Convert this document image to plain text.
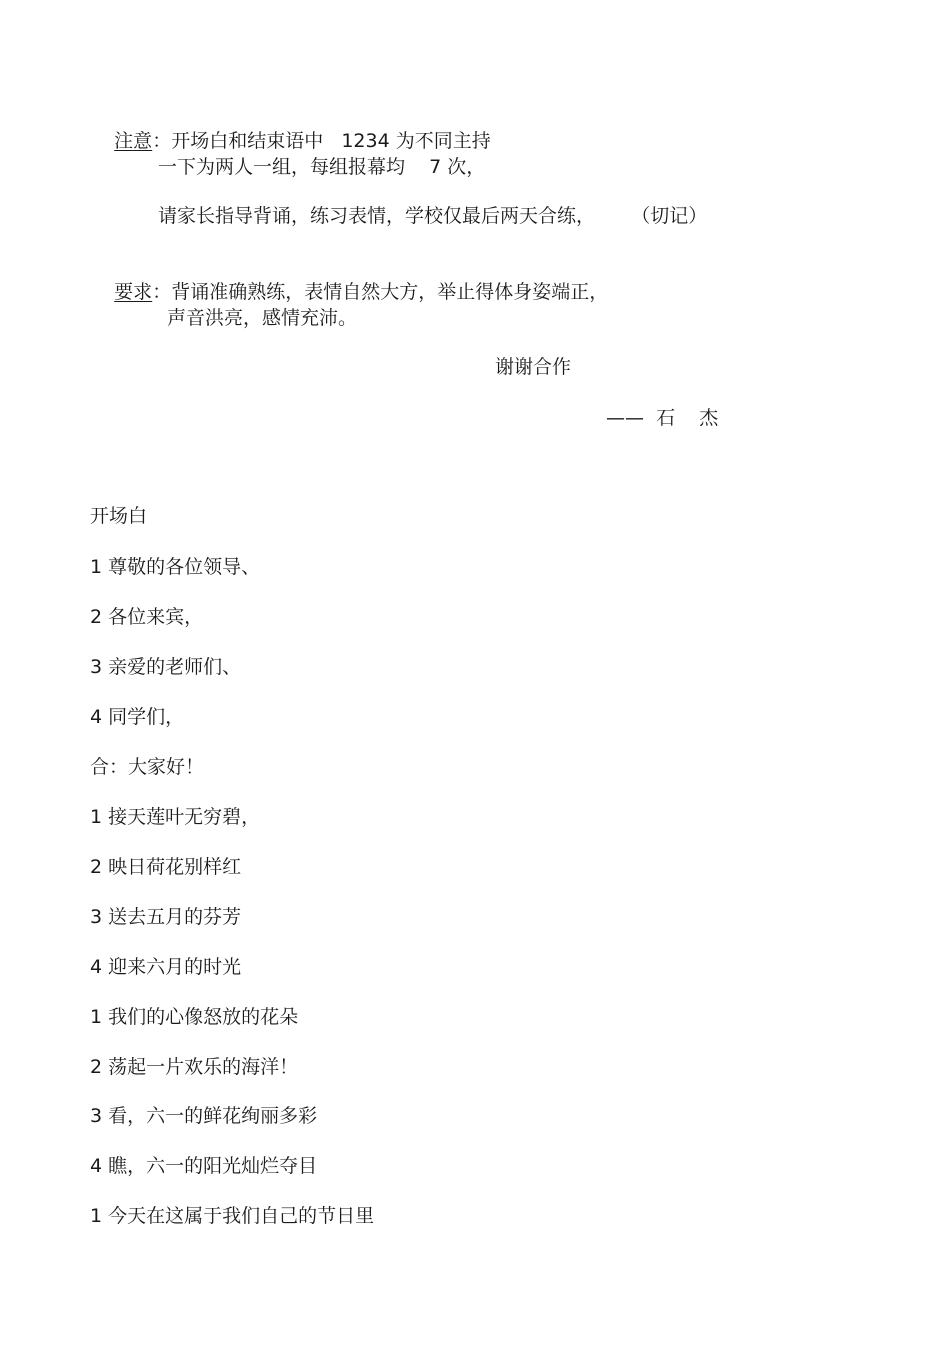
注意：开场白和结束语中   1234 为不同主持

一下为两人一组，每组报幕均    7 次，
请家长指导背诵，练习表情，学校仅最后两天合练，      （切记）

要求：背诵准确熟练，表情自然大方，举止得体身姿端正，

声音洪亮，感情充沛。
谢谢合作
——  石    杰
开场白
1 尊敬的各位领导、
2 各位来宾，
3 亲爱的老师们、
4 同学们，
合：大家好！
1 接天莲叶无穷碧，
2 映日荷花别样红
3 送去五月的芬芳
4 迎来六月的时光
1 我们的心像怒放的花朵
2 荡起一片欢乐的海洋！
3 看，六一的鲜花绚丽多彩
4 瞧，六一的阳光灿烂夺目
1 今天在这属于我们自己的节日里
